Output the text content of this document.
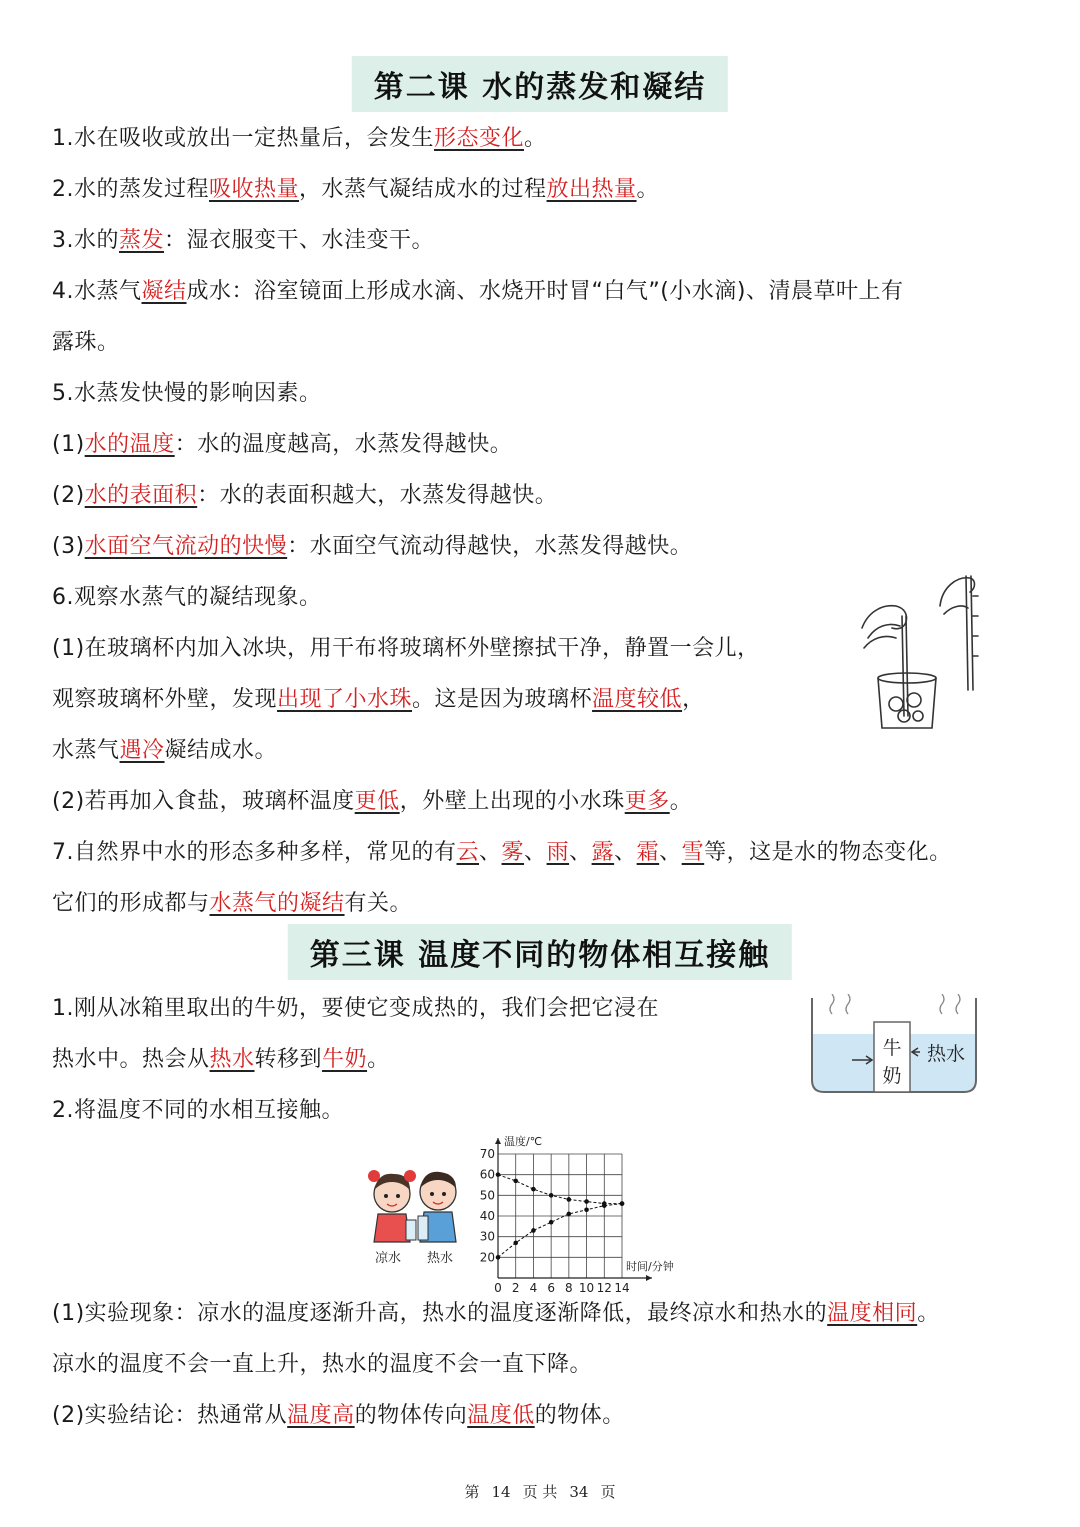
第二课 水的蒸发和凝结
1.水在吸收或放出一定热量后，会发生形态变化。
2.水的蒸发过程吸收热量，水蒸气凝结成水的过程放出热量。
3.水的蒸发：湿衣服变干、水洼变干。
4.水蒸气凝结成水：浴室镜面上形成水滴、水烧开时冒“白气”(小水滴)、清晨草叶上有
露珠。
5.水蒸发快慢的影响因素。
(1)水的温度：水的温度越高，水蒸发得越快。
(2)水的表面积：水的表面积越大，水蒸发得越快。
(3)水面空气流动的快慢：水面空气流动得越快，水蒸发得越快。
6.观察水蒸气的凝结现象。
(1)在玻璃杯内加入冰块，用干布将玻璃杯外壁擦拭干净，静置一会儿，
观察玻璃杯外壁，发现出现了小水珠。这是因为玻璃杯温度较低，
水蒸气遇冷凝结成水。
(2)若再加入食盐，玻璃杯温度更低，外壁上出现的小水珠更多。
7.自然界中水的形态多种多样，常见的有云、雾、雨、露、霜、雪等，这是水的物态变化。
它们的形成都与水蒸气的凝结有关。
第三课 温度不同的物体相互接触
1.刚从冰箱里取出的牛奶，要使它变成热的，我们会把它浸在
热水中。热会从热水转移到牛奶。
2.将温度不同的水相互接触。
(1)实验现象：凉水的温度逐渐升高，热水的温度逐渐降低，最终凉水和热水的温度相同。
凉水的温度不会一直上升，热水的温度不会一直下降。
(2)实验结论：热通常从温度高的物体传向温度低的物体。
牛
奶
热水
凉水 热水
0 2 4 6 8 10 12 14
20
30
40
50
60
70
温度/℃
时间/分钟
第 14 页 共 34 页
